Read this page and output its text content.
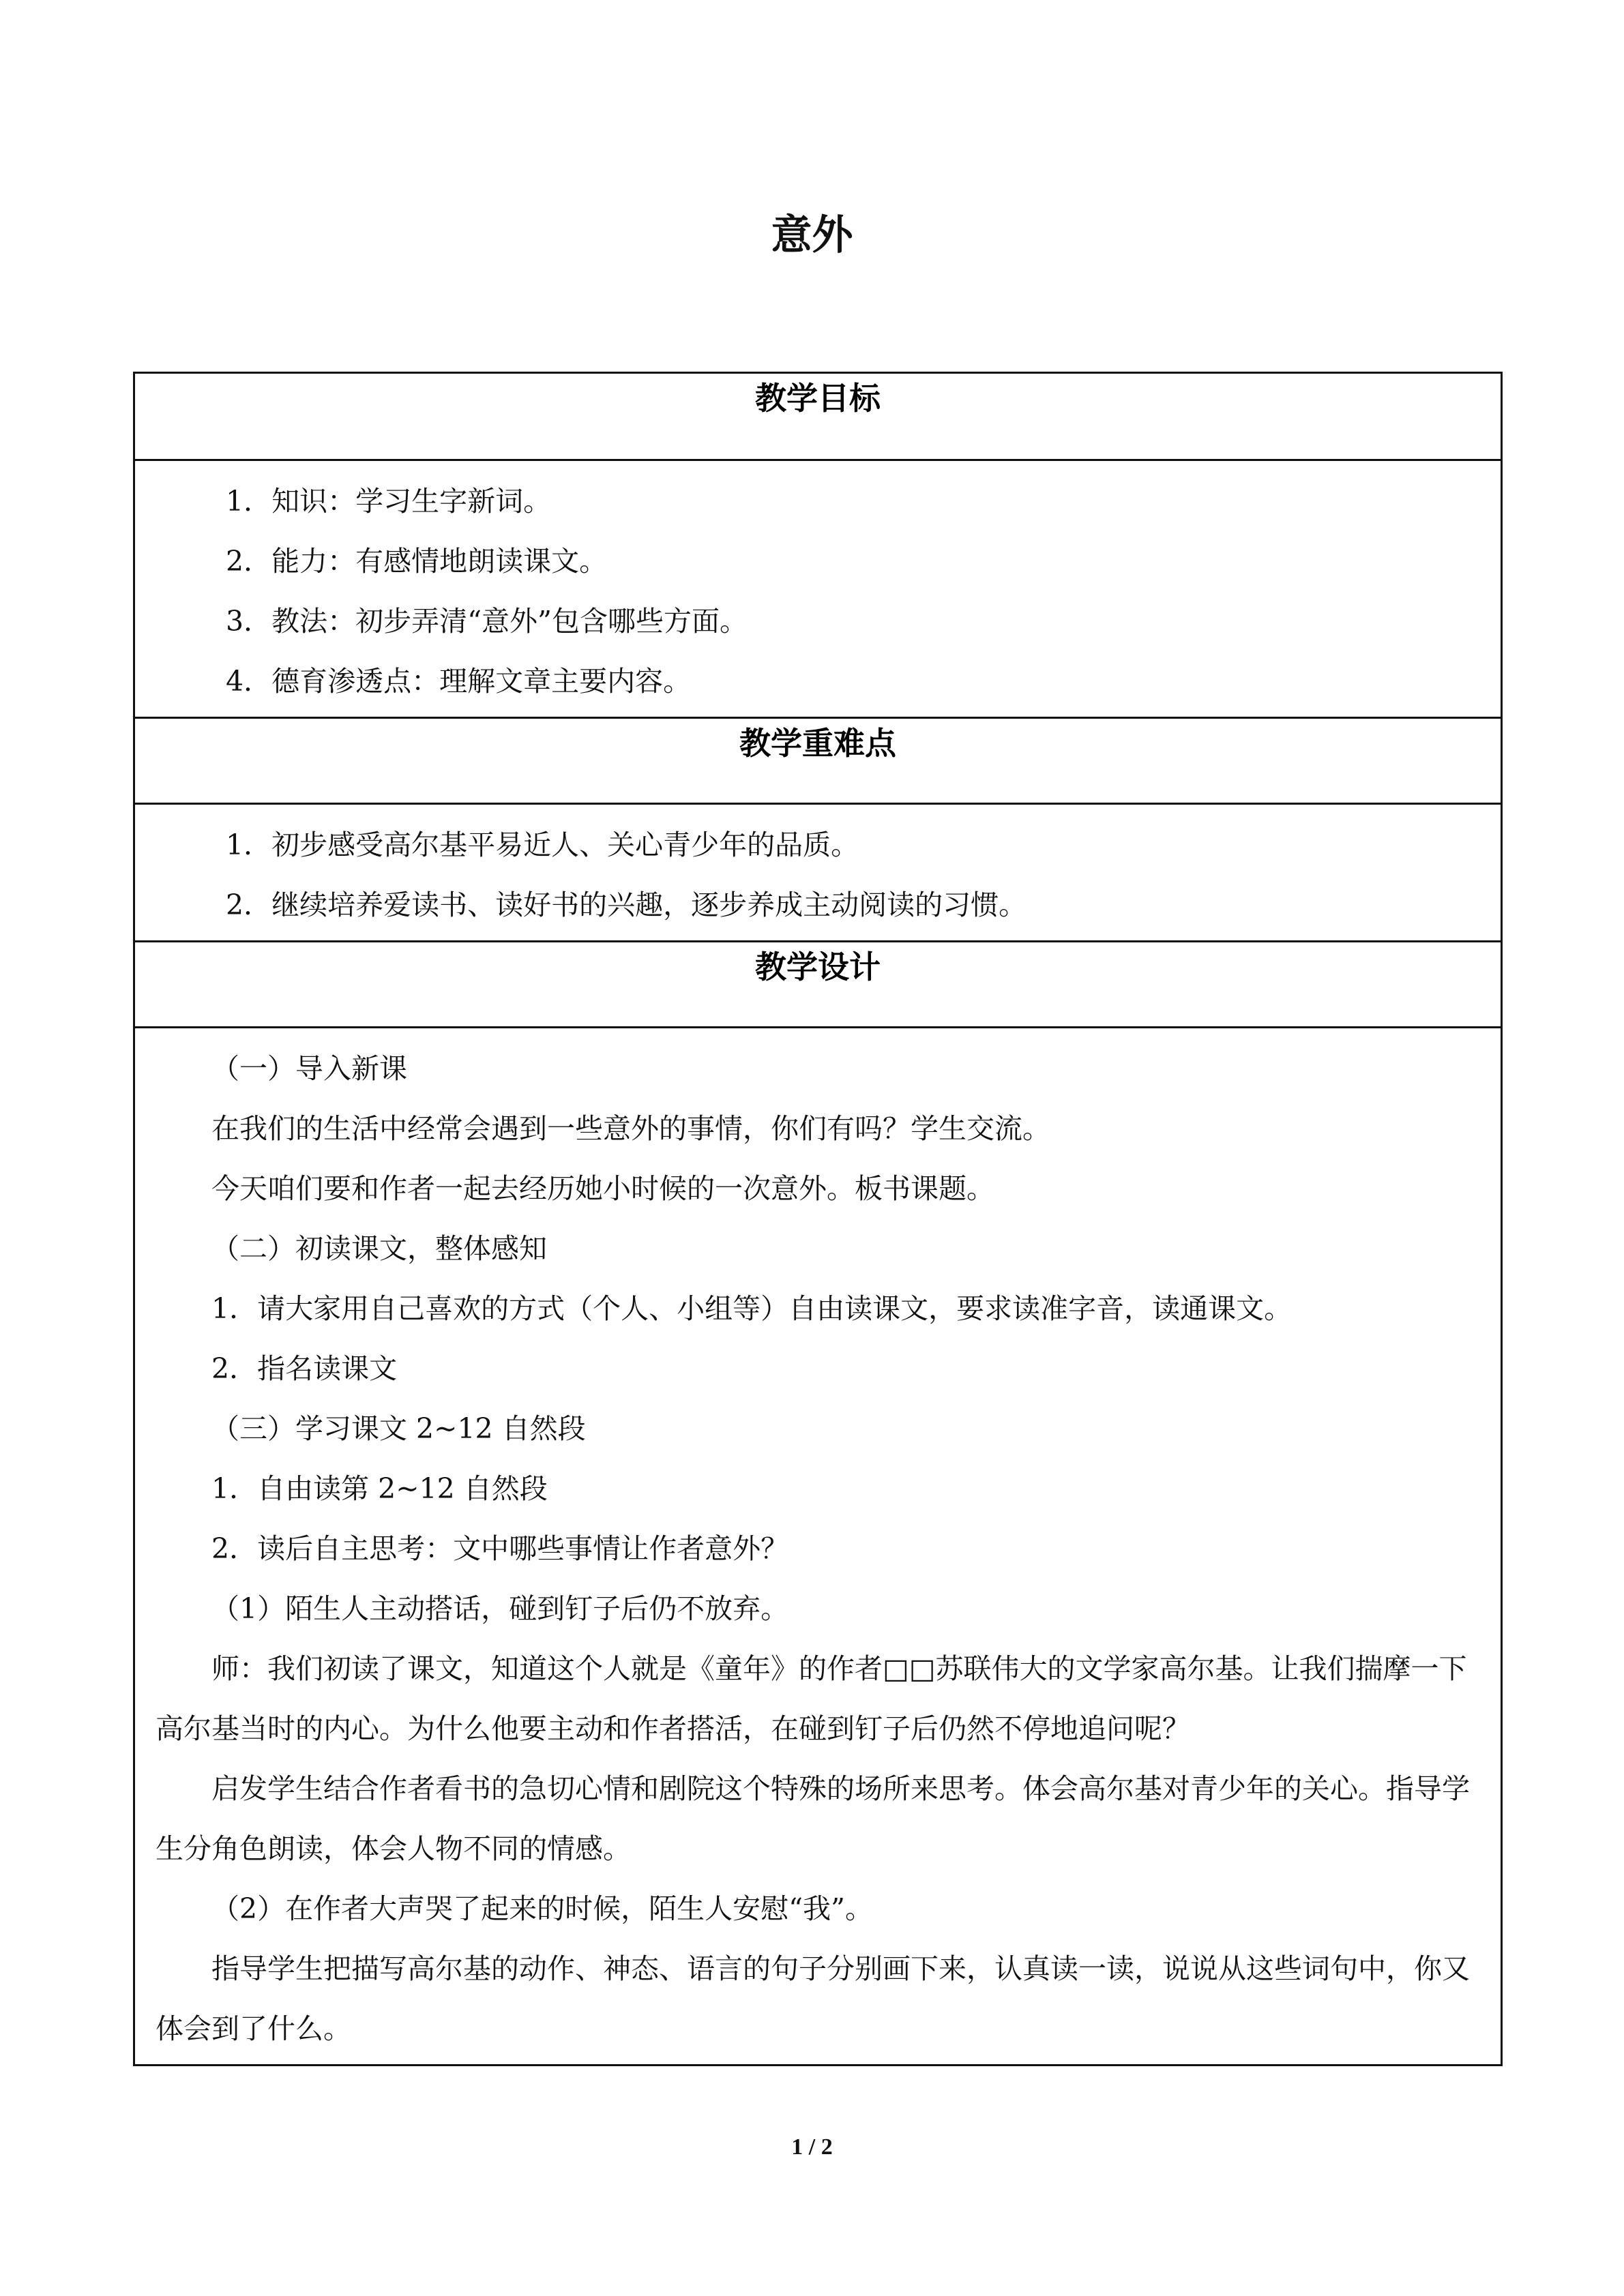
意外
教学目标

1．知识：学习生字新词。

2．能力：有感情地朗读课文。

3．教法：初步弄清“意外”包含哪些方面。

4．德育渗透点：理解文章主要内容。

教学重难点

1．初步感受高尔基平易近人、关心青少年的品质。

2．继续培养爱读书、读好书的兴趣，逐步养成主动阅读的习惯。

教学设计

（一）导入新课

在我们的生活中经常会遇到一些意外的事情，你们有吗？学生交流。

今天咱们要和作者一起去经历她小时候的一次意外。板书课题。

（二）初读课文，整体感知

1．请大家用自己喜欢的方式（个人、小组等）自由读课文，要求读准字音，读通课文。

2．指名读课文

（三）学习课文 2~12 自然段

1．自由读第 2~12 自然段

2．读后自主思考：文中哪些事情让作者意外？

（1）陌生人主动搭话，碰到钉子后仍不放弃。

师：我们初读了课文，知道这个人就是《童年》的作者□□苏联伟大的文学家高尔基。让我们揣摩一下高尔基当时的内心。为什么他要主动和作者搭活，在碰到钉子后仍然不停地追问呢？

启发学生结合作者看书的急切心情和剧院这个特殊的场所来思考。体会高尔基对青少年的关心。指导学生分角色朗读，体会人物不同的情感。

（2）在作者大声哭了起来的时候，陌生人安慰“我”。

指导学生把描写高尔基的动作、神态、语言的句子分别画下来，认真读一读，说说从这些词句中，你又体会到了什么。

1 / 2
